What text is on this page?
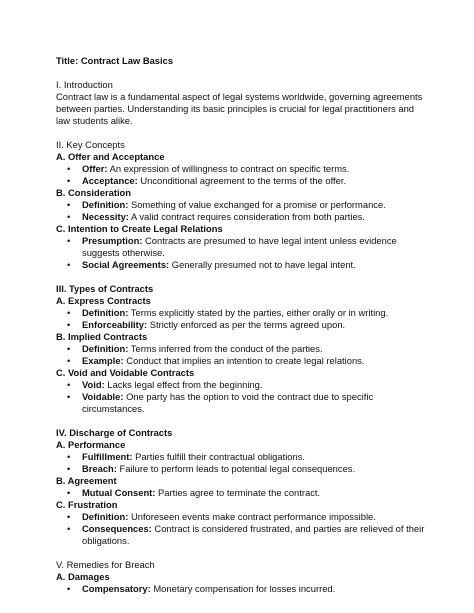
Title: Contract Law Basics

I. Introduction

Contract law is a fundamental aspect of legal systems worldwide, governing agreements between parties. Understanding its basic principles is crucial for legal practitioners and law students alike.

II. Key Concepts

A. Offer and Acceptance

• Offer: An expression of willingness to contract on specific terms.
• Acceptance: Unconditional agreement to the terms of the offer.

B. Consideration

• Definition: Something of value exchanged for a promise or performance.
• Necessity: A valid contract requires consideration from both parties.

C. Intention to Create Legal Relations

• Presumption: Contracts are presumed to have legal intent unless evidence suggests otherwise.
• Social Agreements: Generally presumed not to have legal intent.

III. Types of Contracts

A. Express Contracts

• Definition: Terms explicitly stated by the parties, either orally or in writing.
• Enforceability: Strictly enforced as per the terms agreed upon.

B. Implied Contracts

• Definition: Terms inferred from the conduct of the parties.
• Example: Conduct that implies an intention to create legal relations.

C. Void and Voidable Contracts

• Void: Lacks legal effect from the beginning.
• Voidable: One party has the option to void the contract due to specific circumstances.

IV. Discharge of Contracts

A. Performance

• Fulfillment: Parties fulfill their contractual obligations.
• Breach: Failure to perform leads to potential legal consequences.

B. Agreement

• Mutual Consent: Parties agree to terminate the contract.

C. Frustration

• Definition: Unforeseen events make contract performance impossible.
• Consequences: Contract is considered frustrated, and parties are relieved of their obligations.

V. Remedies for Breach

A. Damages

• Compensatory: Monetary compensation for losses incurred.
